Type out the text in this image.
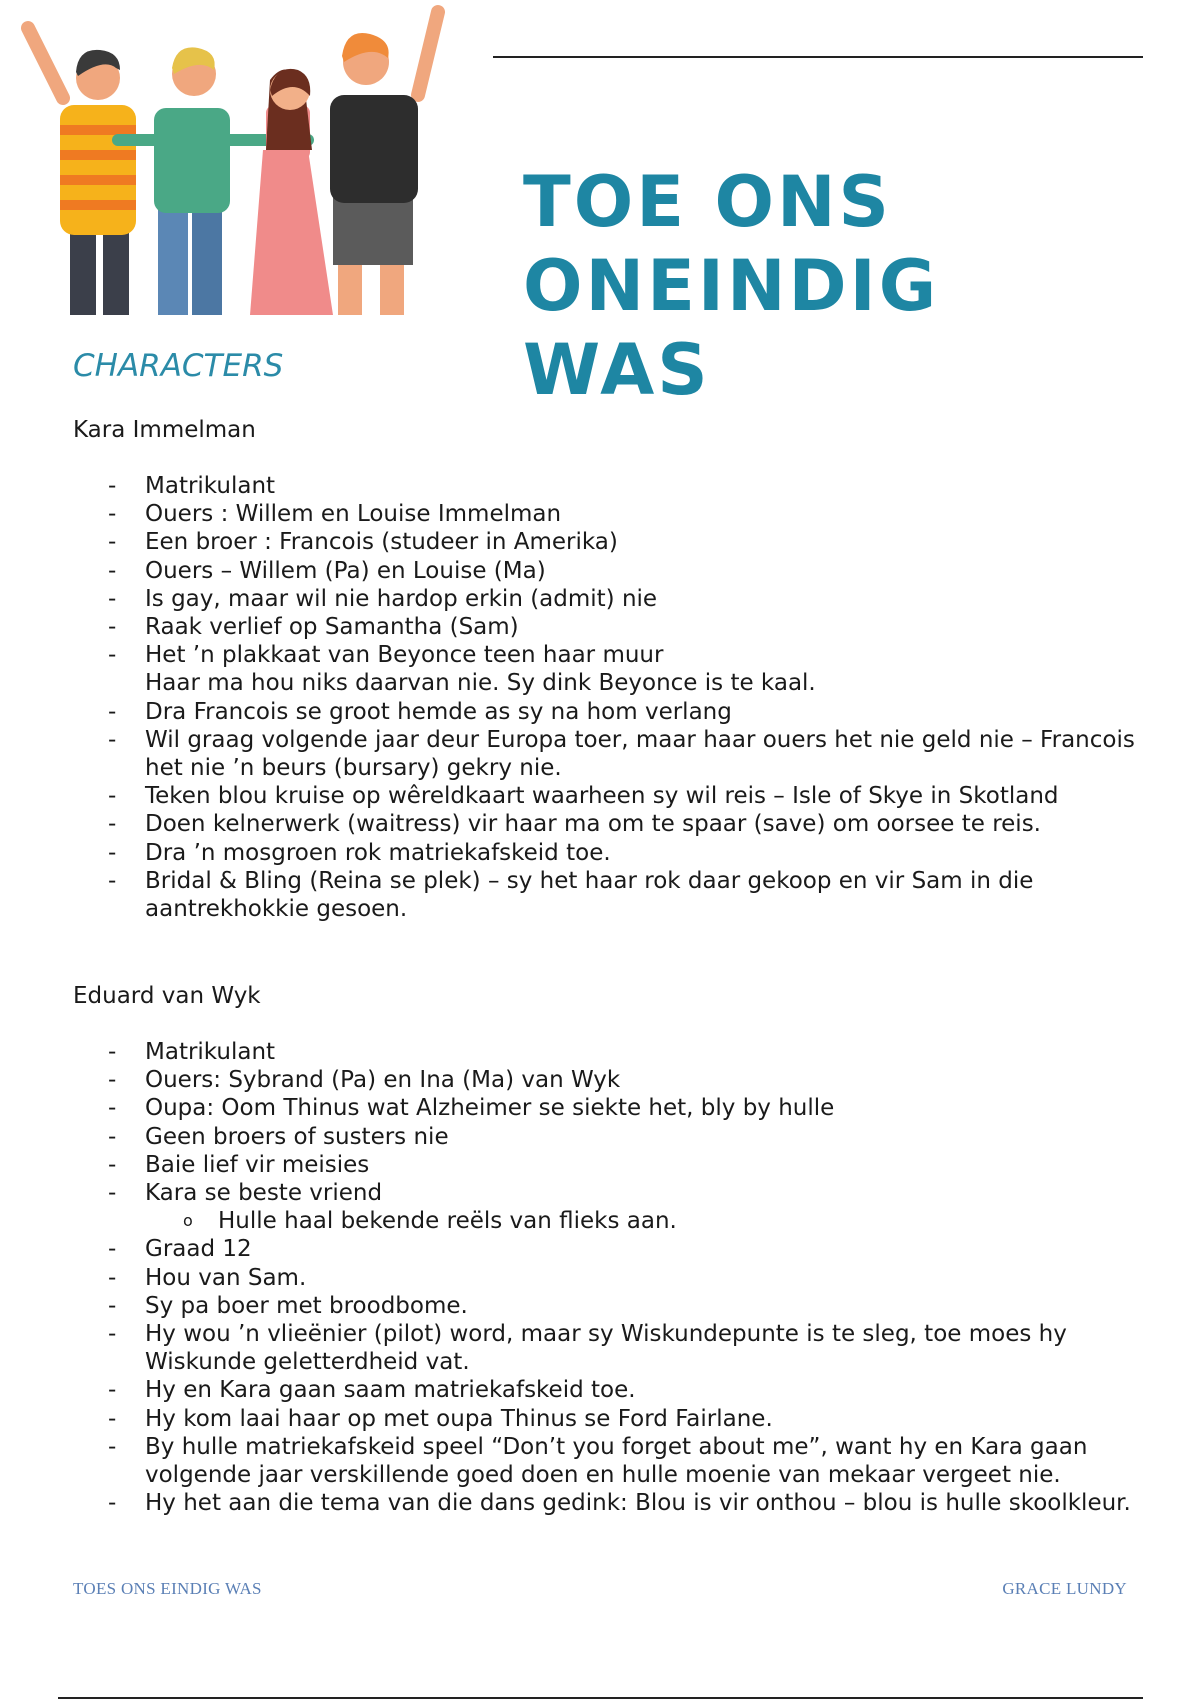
TOE ONS
ONEINDIG
WAS
CHARACTERS

Kara Immelman

- Matrikulant
- Ouers : Willem en Louise Immelman
- Een broer : Francois (studeer in Amerika)
- Ouers – Willem (Pa) en Louise (Ma)
- Is gay, maar wil nie hardop erkin (admit) nie
- Raak verlief op Samantha (Sam)
- Het ’n plakkaat van Beyonce teen haar muur
Haar ma hou niks daarvan nie. Sy dink Beyonce is te kaal.
- Dra Francois se groot hemde as sy na hom verlang
- Wil graag volgende jaar deur Europa toer, maar haar ouers het nie geld nie – Francois het nie ’n beurs (bursary) gekry nie.
- Teken blou kruise op wêreldkaart waarheen sy wil reis – Isle of Skye in Skotland
- Doen kelnerwerk (waitress) vir haar ma om te spaar (save) om oorsee te reis.
- Dra ’n mosgroen rok matriekafskeid toe.
- Bridal & Bling (Reina se plek) – sy het haar rok daar gekoop en vir Sam in die aantrekhokkie gesoen.

Eduard van Wyk

- Matrikulant
- Ouers: Sybrand (Pa) en Ina (Ma) van Wyk
- Oupa: Oom Thinus wat Alzheimer se siekte het, bly by hulle
- Geen broers of susters nie
- Baie lief vir meisies
- Kara se beste vriend
o Hulle haal bekende reëls van flieks aan.
- Graad 12
- Hou van Sam.
- Sy pa boer met broodbome.
- Hy wou ’n vlieënier (pilot) word, maar sy Wiskundepunte is te sleg, toe moes hy Wiskunde geletterdheid vat.
- Hy en Kara gaan saam matriekafskeid toe.
- Hy kom laai haar op met oupa Thinus se Ford Fairlane.
- By hulle matriekafskeid speel “Don’t you forget about me”, want hy en Kara gaan volgende jaar verskillende goed doen en hulle moenie van mekaar vergeet nie.
- Hy het aan die tema van die dans gedink: Blou is vir onthou – blou is hulle skoolkleur.
TOES ONS EINDIG WAS	GRACE LUNDY
